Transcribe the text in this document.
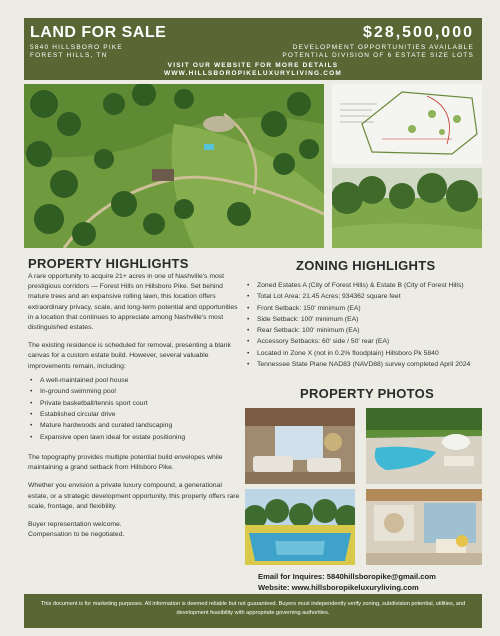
LAND FOR SALE
5840 HILLSBORO PIKE
FOREST HILLS, TN
$28,500,000
DEVELOPMENT OPPORTUNITIES AVAILABLE
POTENTIAL DIVISION OF 6 ESTATE SIZE LOTS
VISIT OUR WEBSITE FOR MORE DETAILS
WWW.HILLSBOROPIKELUXURYLIVING.COM
PROPERTY HIGHLIGHTS

A rare opportunity to acquire 21+ acres in one of Nashville's most prestigious corridors — Forest Hills on Hillsboro Pike. Set behind mature trees and an expansive rolling lawn, this location offers extraordinary privacy, scale, and long-term potential and opportunities in a location that continues to appreciate among Nashville's most distinguished estates.

The existing residence is scheduled for removal, presenting a blank canvas for a custom estate build. However, several valuable improvements remain, including:

• A well-maintained pool house
• In-ground swimming pool
• Private basketball/tennis sport court
• Established circular drive
• Mature hardwoods and curated landscaping
• Expansive open lawn ideal for estate positioning

The topography provides multiple potential build envelopes while maintaining a grand setback from Hillsboro Pike.

Whether you envision a private luxury compound, a generational estate, or a strategic development opportunity, this property offers rare scale, frontage, and flexibility.

Buyer representation welcome.
Compensation to be negotiated.
ZONING HIGHLIGHTS
• Zoned Estates A (City of Forest Hills) & Estate B (City of Forest Hills)
• Total Lot Area: 21.45 Acres; 934362 square feet
• Front Setback: 150' minimum (EA)
• Side Setback: 100' minimum (EA)
• Rear Setback: 100' minimum (EA)
• Accessory Setbacks: 60' side / 50' rear (EA)
• Located in Zone X (not in 0.2% floodplain) Hillsboro Pk 5840
• Tennessee State Plane NAD83 (NAVD88) survey completed April 2024
PROPERTY PHOTOS
Email for Inquires: 5840hillsboropike@gmail.com
Website: www.hillsboropikeluxuryliving.com
This document is for marketing purposes. All information is deemed reliable but not guaranteed. Buyers must independently verify zoning, subdivision potential, utilities, and development feasibility with appropriate governing authorities.
